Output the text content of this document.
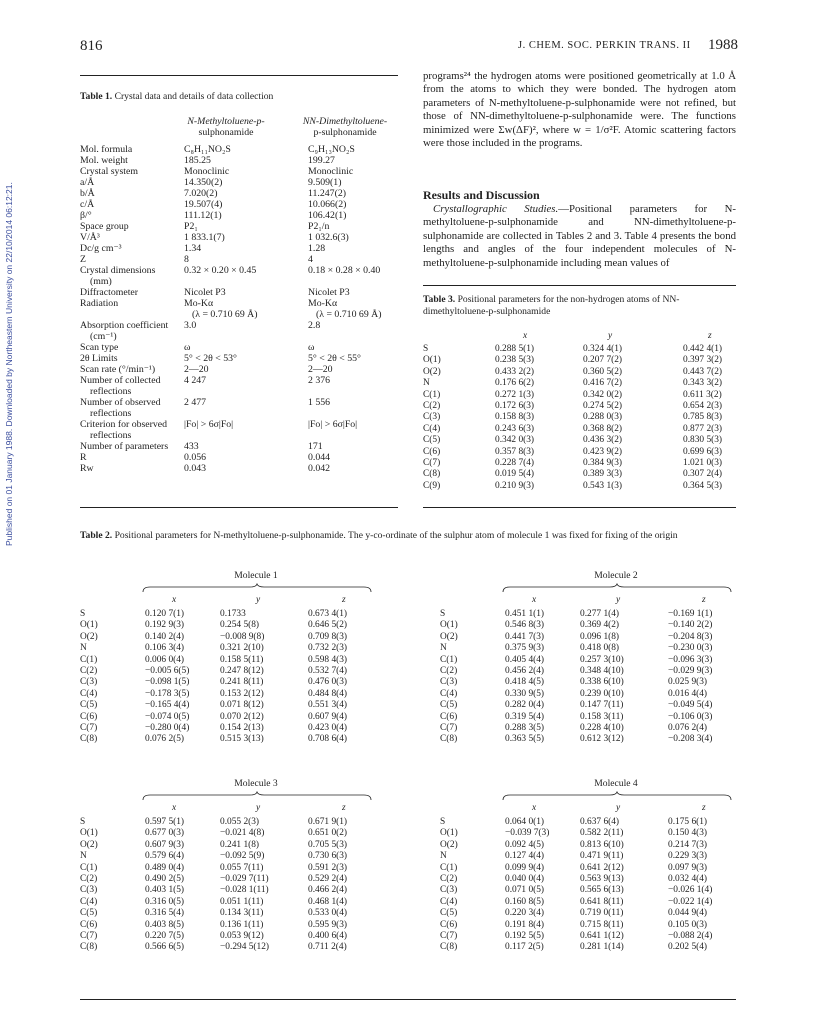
Published on 01 January 1988. Downloaded by Northeastern University on 22/10/2014 06:12:21.
816	J. CHEM. SOC. PERKIN TRANS. II 1988
Table 1. Crystal data and details of data collection
N-Methyltoluene-p-
sulphonamide
NN-Dimethyltoluene-
p-sulphonamide
Mol. formula	C₈H₁₁NO₂S	C₉H₁₃NO₂S
Mol. weight	185.25	199.27
Crystal system	Monoclinic	Monoclinic
a/Å	14.350(2)	9.509(1)
b/Å	7.020(2)	11.247(2)
c/Å	19.507(4)	10.066(2)
β/°	111.12(1)	106.42(1)
Space group	P2₁	P2₁/n
V/Å³	1 833.1(7)	1 032.6(3)
Dc/g cm⁻³	1.34	1.28
Z	8	4
Crystal dimensions	0.32 × 0.20 × 0.45	0.18 × 0.28 × 0.40
(mm)		
Diffractometer	Nicolet P3	Nicolet P3
Radiation	Mo-Kα	Mo-Kα
	(λ = 0.710 69 Å)	(λ = 0.710 69 Å)
Absorption coefficient	3.0	2.8
(cm⁻¹)		
Scan type	ω	ω
2θ Limits	5° < 2θ < 53°	5° < 2θ < 55°
Scan rate (°/min⁻¹)	2—20	2—20
Number of collected	4 247	2 376
reflections		
Number of observed	2 477	1 556
reflections		
Criterion for observed	|Fo| > 6σ|Fo|	|Fo| > 6σ|Fo|
reflections		
Number of parameters	433	171
R	0.056	0.044
Rw	0.043	0.042
programs²⁴ the hydrogen atoms were positioned geometrically at 1.0 Å from the atoms to which they were bonded. The hydrogen atom parameters of N-methyltoluene-p-sulphonamide were not refined, but those of NN-dimethyltoluene-p-sulphonamide were. The functions minimized were Σw(ΔF)², where w = 1/σ²F. Atomic scattering factors were those included in the programs.
Results and Discussion
Crystallographic Studies.—Positional parameters for N-methyltoluene-p-sulphonamide and NN-dimethyltoluene-p-sulphonamide are collected in Tables 2 and 3. Table 4 presents the bond lengths and angles of the four independent molecules of N-methyltoluene-p-sulphonamide including mean values of
Table 3. Positional parameters for the non-hydrogen atoms of NN-dimethyltoluene-p-sulphonamide
x	y	z
S	0.288 5(1)	0.324 4(1)	0.442 4(1)
O(1)	0.238 5(3)	0.207 7(2)	0.397 3(2)
O(2)	0.433 2(2)	0.360 5(2)	0.443 7(2)
N	0.176 6(2)	0.416 7(2)	0.343 3(2)
C(1)	0.272 1(3)	0.342 0(2)	0.611 3(2)
C(2)	0.172 6(3)	0.274 5(2)	0.654 2(3)
C(3)	0.158 8(3)	0.288 0(3)	0.785 8(3)
C(4)	0.243 6(3)	0.368 8(2)	0.877 2(3)
C(5)	0.342 0(3)	0.436 3(2)	0.830 5(3)
C(6)	0.357 8(3)	0.423 9(2)	0.699 6(3)
C(7)	0.228 7(4)	0.384 9(3)	1.021 0(3)
C(8)	0.019 5(4)	0.389 3(3)	0.307 2(4)
C(9)	0.210 9(3)	0.543 1(3)	0.364 5(3)
Table 2. Positional parameters for N-methyltoluene-p-sulphonamide. The y-co-ordinate of the sulphur atom of molecule 1 was fixed for fixing of the origin
Molecule 1
x	y	z
S	0.120 7(1)	0.1733	0.673 4(1)
O(1)	0.192 9(3)	0.254 5(8)	0.646 5(2)
O(2)	0.140 2(4)	−0.008 9(8)	0.709 8(3)
N	0.106 3(4)	0.321 2(10)	0.732 2(3)
C(1)	0.006 0(4)	0.158 5(11)	0.598 4(3)
C(2)	−0.005 6(5)	0.247 8(12)	0.532 7(4)
C(3)	−0.098 1(5)	0.241 8(11)	0.476 0(3)
C(4)	−0.178 3(5)	0.153 2(12)	0.484 8(4)
C(5)	−0.165 4(4)	0.071 8(12)	0.551 3(4)
C(6)	−0.074 0(5)	0.070 2(12)	0.607 9(4)
C(7)	−0.280 0(4)	0.154 2(13)	0.423 0(4)
C(8)	0.076 2(5)	0.515 3(13)	0.708 6(4)
Molecule 2
x	y	z
S	0.451 1(1)	0.277 1(4)	−0.169 1(1)
O(1)	0.546 8(3)	0.369 4(2)	−0.140 2(2)
O(2)	0.441 7(3)	0.096 1(8)	−0.204 8(3)
N	0.375 9(3)	0.418 0(8)	−0.230 0(3)
C(1)	0.405 4(4)	0.257 3(10)	−0.096 3(3)
C(2)	0.456 2(4)	0.348 4(10)	−0.029 9(3)
C(3)	0.418 4(5)	0.338 6(10)	0.025 9(3)
C(4)	0.330 9(5)	0.239 0(10)	0.016 4(4)
C(5)	0.282 0(4)	0.147 7(11)	−0.049 5(4)
C(6)	0.319 5(4)	0.158 3(11)	−0.106 0(3)
C(7)	0.288 3(5)	0.228 4(10)	0.076 2(4)
C(8)	0.363 5(5)	0.612 3(12)	−0.208 3(4)
Molecule 3
x	y	z
S	0.597 5(1)	0.055 2(3)	0.671 9(1)
O(1)	0.677 0(3)	−0.021 4(8)	0.651 0(2)
O(2)	0.607 9(3)	0.241 1(8)	0.705 5(3)
N	0.579 6(4)	−0.092 5(9)	0.730 6(3)
C(1)	0.489 0(4)	0.055 7(11)	0.591 2(3)
C(2)	0.490 2(5)	−0.029 7(11)	0.529 2(4)
C(3)	0.403 1(5)	−0.028 1(11)	0.466 2(4)
C(4)	0.316 0(5)	0.051 1(11)	0.468 1(4)
C(5)	0.316 5(4)	0.134 3(11)	0.533 0(4)
C(6)	0.403 8(5)	0.136 1(11)	0.595 9(3)
C(7)	0.220 7(5)	0.053 9(12)	0.400 6(4)
C(8)	0.566 6(5)	−0.294 5(12)	0.711 2(4)
Molecule 4
x	y	z
S	0.064 0(1)	0.637 6(4)	0.175 6(1)
O(1)	−0.039 7(3)	0.582 2(11)	0.150 4(3)
O(2)	0.092 4(5)	0.813 6(10)	0.214 7(3)
N	0.127 4(4)	0.471 9(11)	0.229 3(3)
C(1)	0.099 9(4)	0.641 2(12)	0.097 9(3)
C(2)	0.040 0(4)	0.563 9(13)	0.032 4(4)
C(3)	0.071 0(5)	0.565 6(13)	−0.026 1(4)
C(4)	0.160 8(5)	0.641 8(11)	−0.022 1(4)
C(5)	0.220 3(4)	0.719 0(11)	0.044 9(4)
C(6)	0.191 8(4)	0.715 8(11)	0.105 0(3)
C(7)	0.192 5(5)	0.641 1(12)	−0.088 2(4)
C(8)	0.117 2(5)	0.281 1(14)	0.202 5(4)
